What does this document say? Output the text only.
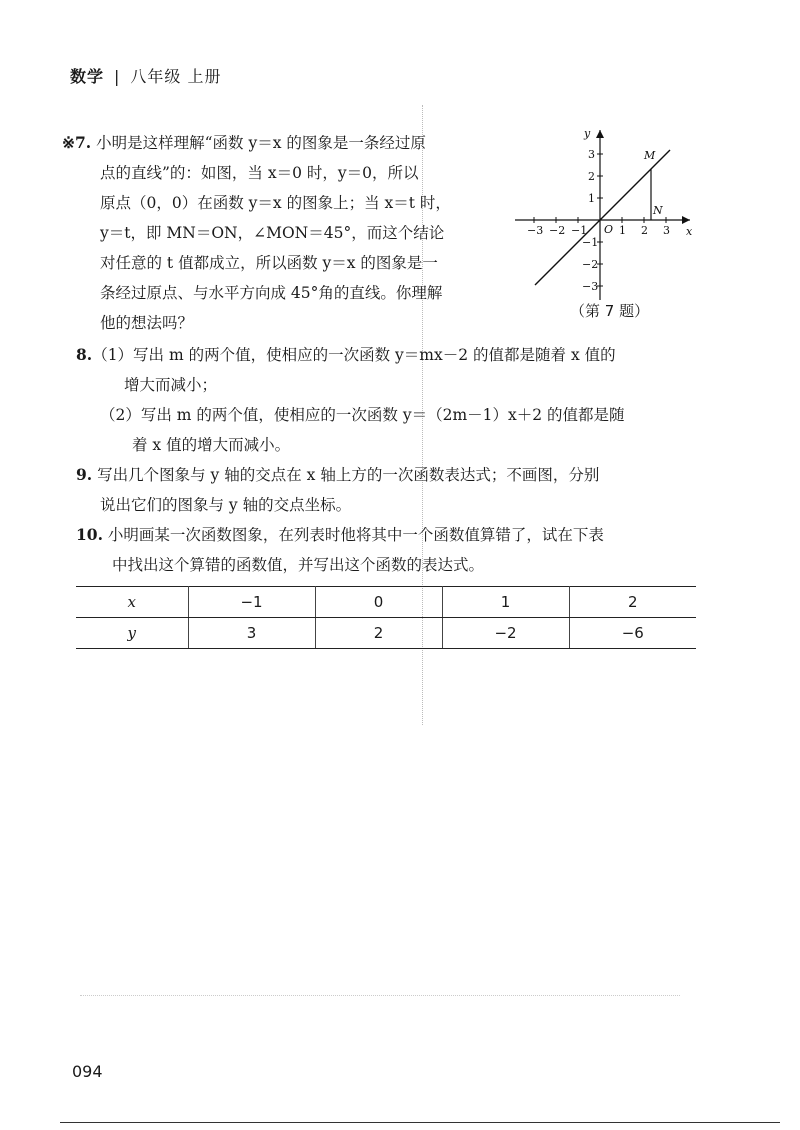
数学 | 八年级 上册
※7. 小明是这样理解“函数 y＝x 的图象是一条经过原
点的直线”的：如图，当 x＝0 时，y＝0，所以
原点（0，0）在函数 y＝x 的图象上；当 x＝t 时，
y＝t，即 MN＝ON，∠MON＝45°，而这个结论
对任意的 t 值都成立，所以函数 y＝x 的图象是一
条经过原点、与水平方向成 45°角的直线。你理解
他的想法吗？
x
y
O
M
N
−3 −2 −1	1 2 3
3
2
1
−1
−2
−3
（第 7 题）
8.（1）写出 m 的两个值，使相应的一次函数 y＝mx－2 的值都是随着 x 值的
增大而减小；
（2）写出 m 的两个值，使相应的一次函数 y＝（2m－1）x＋2 的值都是随
着 x 值的增大而减小。
9. 写出几个图象与 y 轴的交点在 x 轴上方的一次函数表达式；不画图，分别
说出它们的图象与 y 轴的交点坐标。
10. 小明画某一次函数图象，在列表时他将其中一个函数值算错了，试在下表
中找出这个算错的函数值，并写出这个函数的表达式。
x	−1	0	1	2
y	3	2	−2	−6
094
